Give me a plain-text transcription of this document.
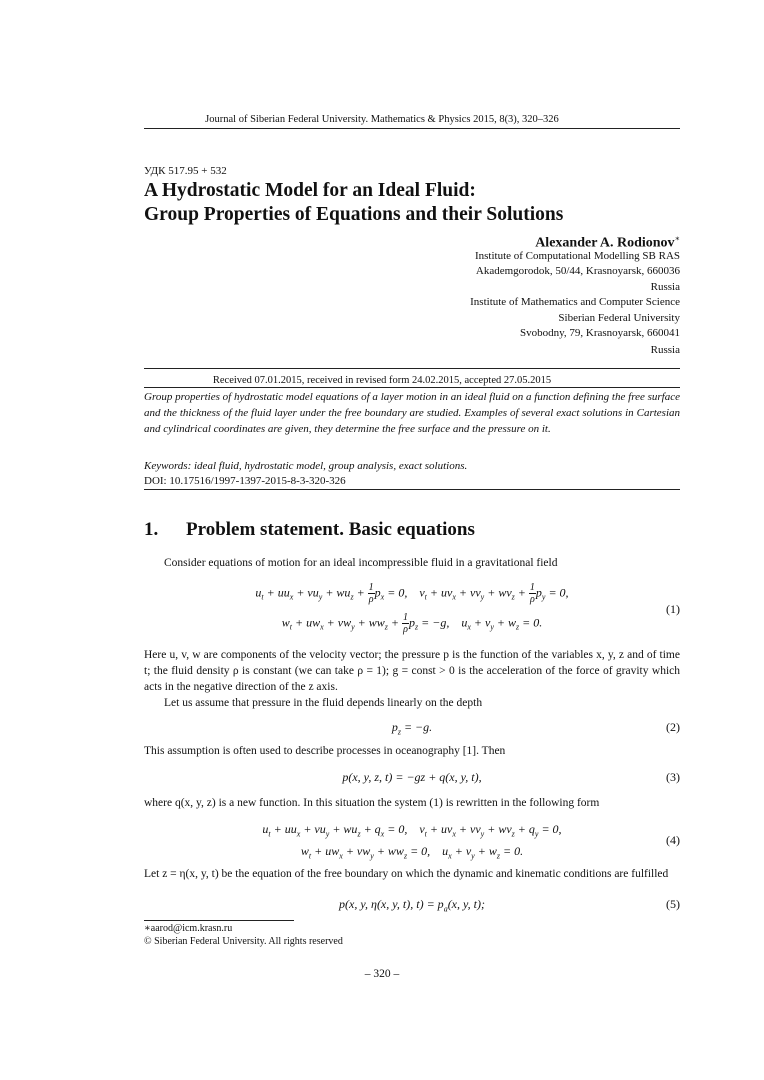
Journal of Siberian Federal University. Mathematics & Physics 2015, 8(3), 320–326
УДК 517.95 + 532
A Hydrostatic Model for an Ideal Fluid:
Group Properties of Equations and their Solutions
Alexander A. Rodionov∗
Institute of Computational Modelling SB RAS
Akademgorodok, 50/44, Krasnoyarsk, 660036
Russia
Institute of Mathematics and Computer Science
Siberian Federal University
Svobodny, 79, Krasnoyarsk, 660041
Russia
Received 07.01.2015, received in revised form 24.02.2015, accepted 27.05.2015
Group properties of hydrostatic model equations of a layer motion in an ideal fluid on a function defining the free surface and the thickness of the fluid layer under the free boundary are studied. Examples of several exact solutions in Cartesian and cylindrical coordinates are given, they determine the free surface and the pressure on it.
Keywords: ideal fluid, hydrostatic model, group analysis, exact solutions.
DOI: 10.17516/1997-1397-2015-8-3-320-326
1. Problem statement. Basic equations
Consider equations of motion for an ideal incompressible fluid in a gravitational field
$u_t + uu_x + vu_y + wu_z + \frac{1}{\rho} p_x = 0$,    $v_t + uv_x + vv_y + wv_z + \frac{1}{\rho} p_y = 0$,
$w_t + uw_x + vw_y + ww_z + \frac{1}{\rho} p_z = -g$,    $u_x + v_y + w_z = 0$.
(1)
Here u, v, w are components of the velocity vector; the pressure p is the function of the variables x, y, z and of time t; the fluid density ρ is constant (we can take ρ = 1); g = const > 0 is the acceleration of the force of gravity which acts in the negative direction of the z axis.
Let us assume that pressure in the fluid depends linearly on the depth
$p_z = -g$.	(2)
This assumption is often used to describe processes in oceanography [1]. Then
p(x, y, z, t) = −gz + q(x, y, t),	(3)
where q(x, y, z) is a new function. In this situation the system (1) is rewritten in the following form
$u_t + uu_x + vu_y + wu_z + q_x = 0$,    $v_t + uv_x + vv_y + wv_z + q_y = 0$,
$w_t + uw_x + vw_y + ww_z = 0$,    $u_x + v_y + w_z = 0$.
(4)
Let z = η(x, y, t) be the equation of the free boundary on which the dynamic and kinematic conditions are fulfilled
p(x, y, η(x, y, t), $t) = p_a(x$, y, t);	(5)
∗aarod@icm.krasn.ru
© Siberian Federal University. All rights reserved
– 320 –
